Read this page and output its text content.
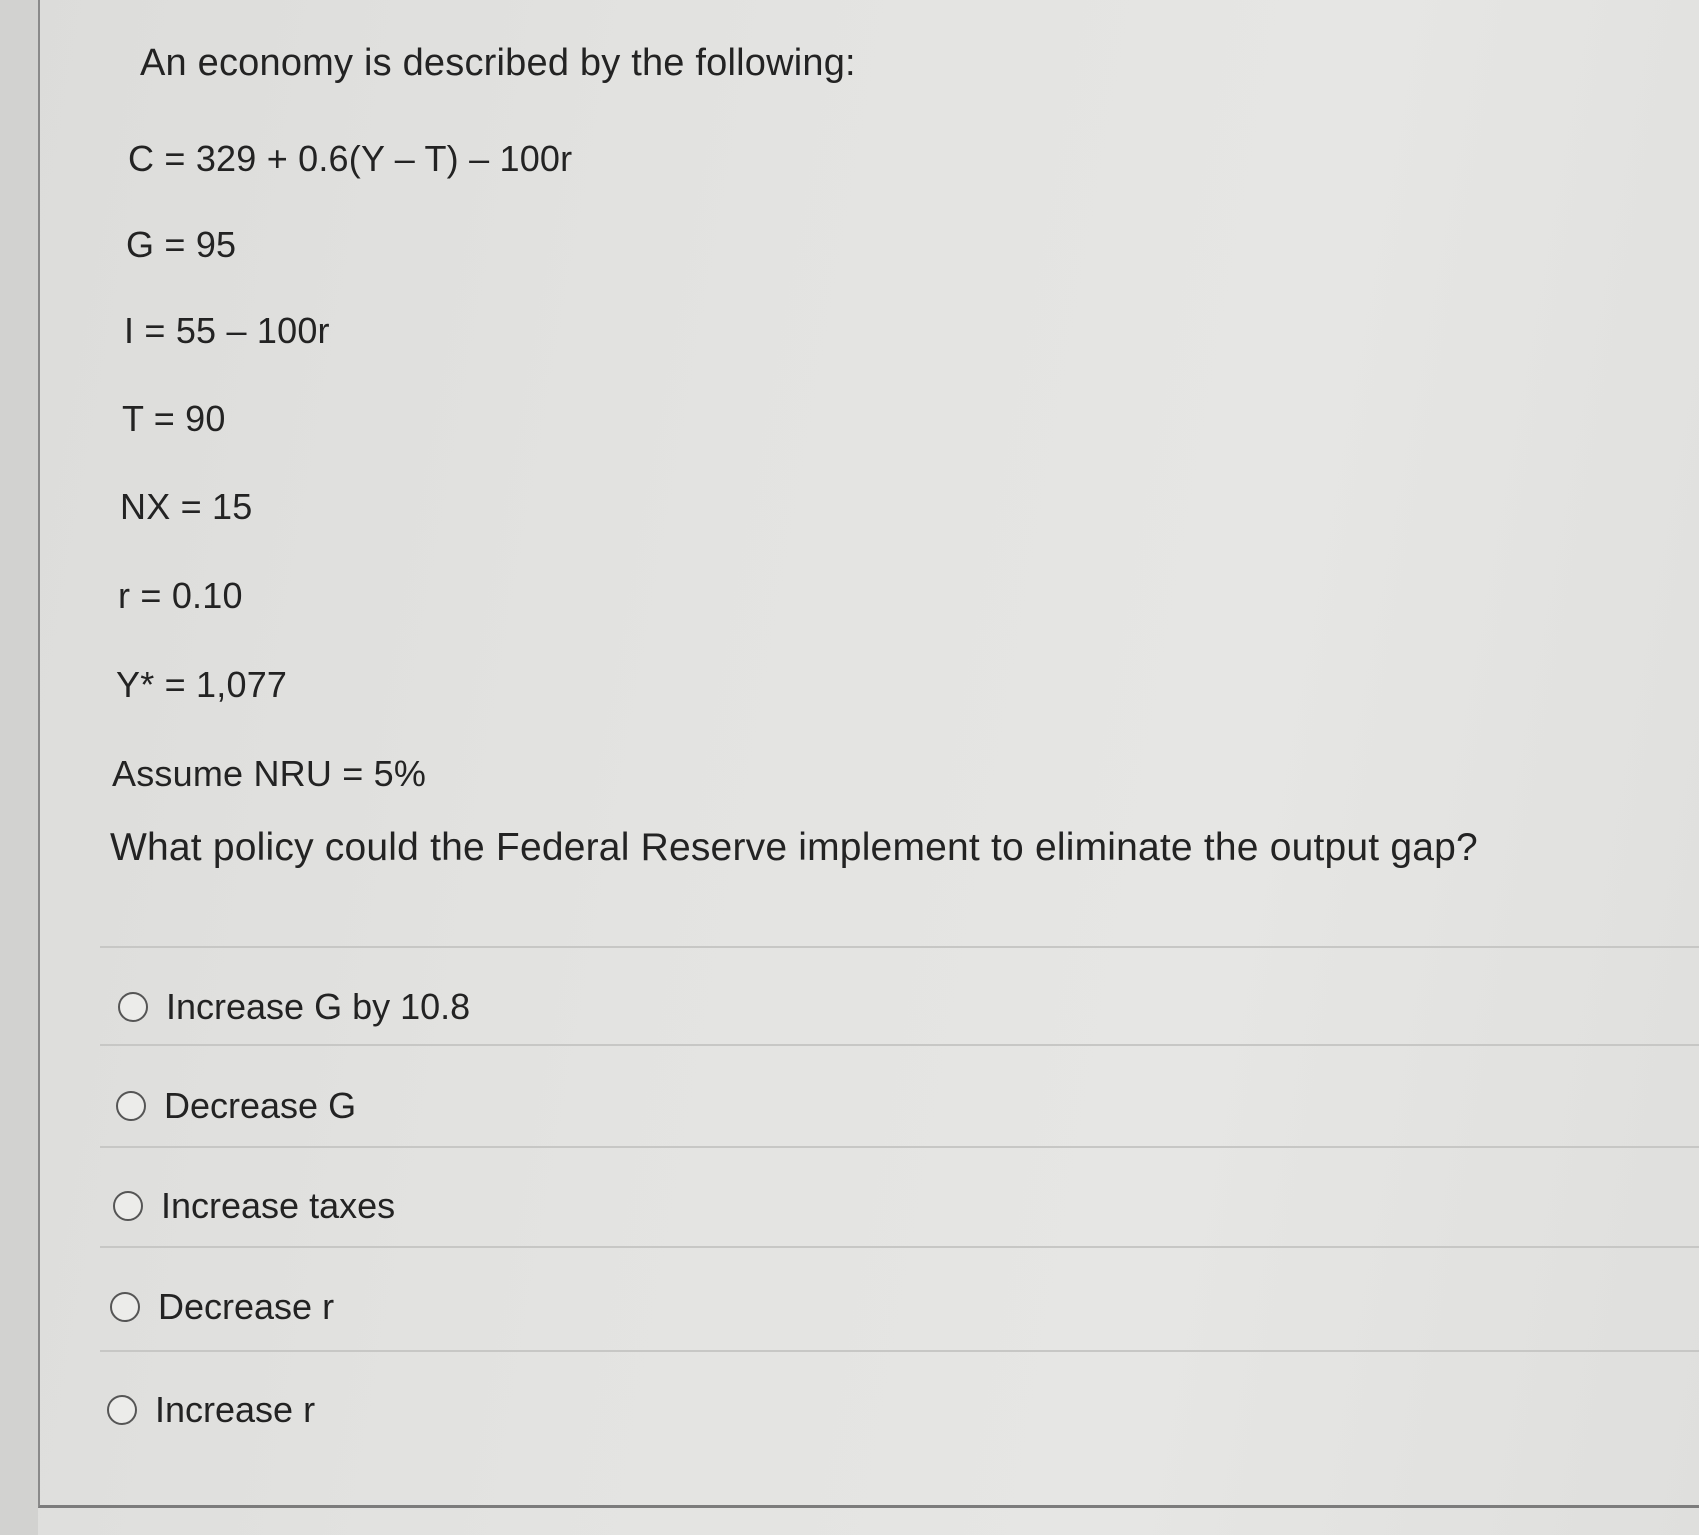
An economy is described by the following:
C = 329 + 0.6(Y – T) – 100r
G = 95
I = 55 – 100r
T = 90
NX = 15
r = 0.10
Y* = 1,077
Assume NRU = 5%
What policy could the Federal Reserve implement to eliminate the output gap?
Increase G by 10.8
Decrease G
Increase taxes
Decrease r
Increase r
